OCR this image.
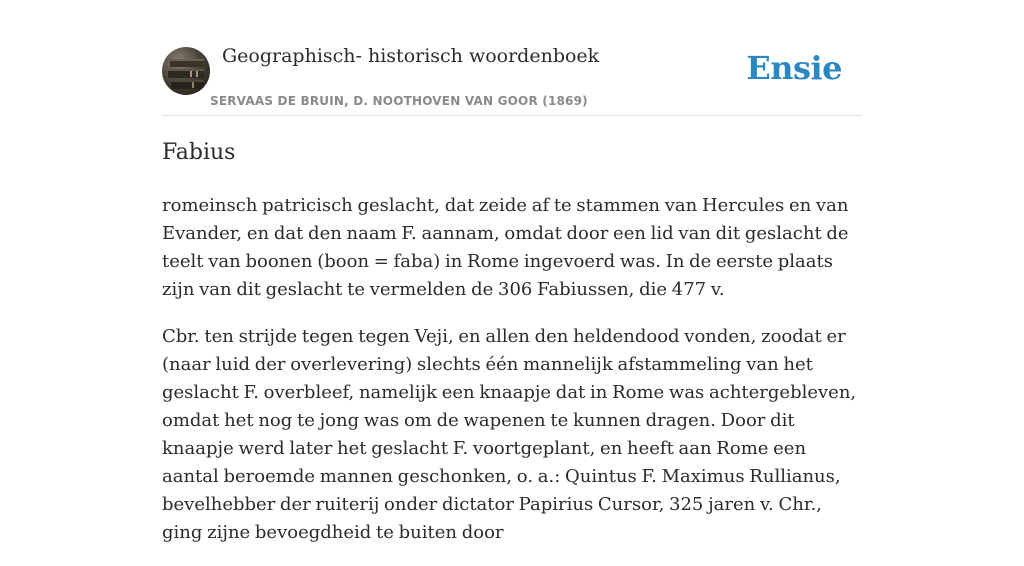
Geographisch- historisch woordenboek
SERVAAS DE BRUIN, D. NOOTHOVEN VAN GOOR (1869)
Ensie
Fabius

romeinsch patricisch geslacht, dat zeide af te stammen van Hercules en van Evander, en dat den naam F. aannam, omdat door een lid van dit geslacht de teelt van boonen (boon = faba) in Rome ingevoerd was. In de eerste plaats zijn van dit geslacht te vermelden de 306 Fabiussen, die 477 v.

Cbr. ten strijde tegen tegen Veji, en allen den heldendood vonden, zoodat er (naar luid der overlevering) slechts één mannelijk afstammeling van het geslacht F. overbleef, namelijk een knaapje dat in Rome was achtergebleven, omdat het nog te jong was om de wapenen te kunnen dragen. Door dit knaapje werd later het geslacht F. voortgeplant, en heeft aan Rome een aantal beroemde mannen geschonken, o. a.: Quintus F. Maximus Rullianus, bevelhebber der ruiterij onder dictator Papirius Cursor, 325 jaren v. Chr., ging zijne bevoegdheid te buiten door
